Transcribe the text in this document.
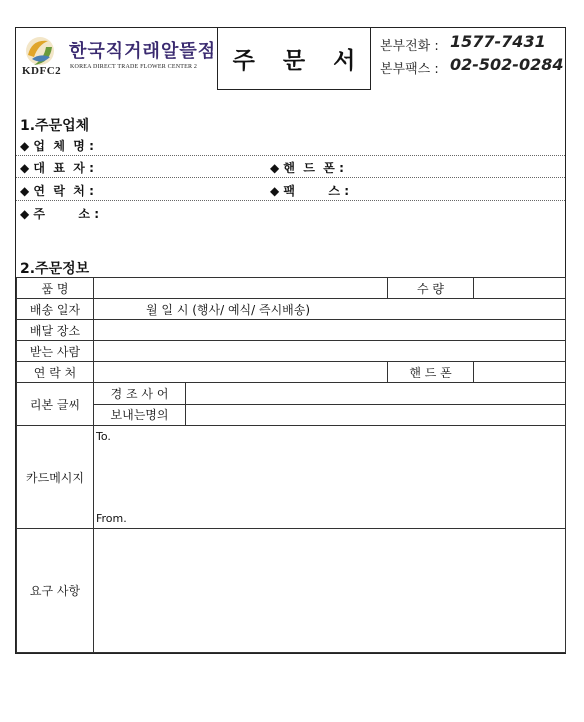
KDFC2
한국직거래알뜰점
KOREA DIRECT TRADE FLOWER CENTER 2 주 문 서
본부전화 : 1577-7431
본부팩스 : 02-502-0284
1.주문업체
◆ 업  체  명 :
◆ 대  표  자 :	◆ 핸  드  폰 :
◆ 연  락  처 :	◆ 팩        스 :
◆ 주        소 :
2.주문정보
품 명			수 량	
배송 일자	월 일 시 (행사/ 예식/ 즉시배송)			
배달 장소				
받는 사람				
연 락 처			핸 드 폰	
리본 글씨	경 조 사 어			
	보내는명의			
카드메시지	To.
From.			

요구 사항				
